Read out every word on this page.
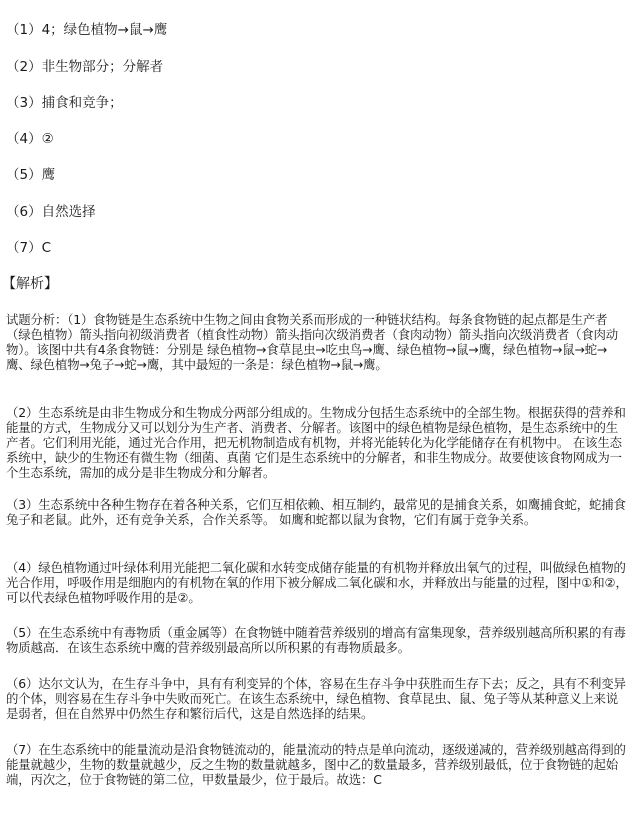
（1）4；绿色植物→鼠→鹰
（2）非生物部分；分解者
（3）捕食和竞争；
（4）②
（5）鹰
（6）自然选择
（7）C
【解析】
试题分析：（1）食物链是生态系统中生物之间由食物关系而形成的一种链状结构。每条食物链的起点都是生产者（绿色植物）箭头指向初级消费者（植食性动物）箭头指向次级消费者（食肉动物）箭头指向次级消费者（食肉动物）。该图中共有4条食物链：分别是 绿色植物→食草昆虫→吃虫鸟→鹰、绿色植物→鼠→鹰，绿色植物→鼠→蛇→鹰、绿色植物→兔子→蛇→鹰，其中最短的一条是：绿色植物→鼠→鹰。
（2）生态系统是由非生物成分和生物成分两部分组成的。生物成分包括生态系统中的全部生物。根据获得的营养和能量的方式，生物成分又可以划分为生产者、消费者、分解者。该图中的绿色植物是绿色植物，是生态系统中的生产者。它们利用光能，通过光合作用，把无机物制造成有机物，并将光能转化为化学能储存在有机物中。 在该生态系统中，缺少的生物还有微生物（细菌、真菌 它们是生态系统中的分解者，和非生物成分。故要使该食物网成为一个生态系统，需加的成分是非生物成分和分解者。
（3）生态系统中各种生物存在着各种关系，它们互相依赖、相互制约，最常见的是捕食关系，如鹰捕食蛇，蛇捕食兔子和老鼠。此外，还有竞争关系，合作关系等。 如鹰和蛇都以鼠为食物，它们有属于竞争关系。
（4）绿色植物通过叶绿体利用光能把二氧化碳和水转变成储存能量的有机物并释放出氧气的过程，叫做绿色植物的光合作用，呼吸作用是细胞内的有机物在氧的作用下被分解成二氧化碳和水，并释放出与能量的过程，图中①和②，可以代表绿色植物呼吸作用的是②。
（5）在生态系统中有毒物质（重金属等）在食物链中随着营养级别的增高有富集现象，营养级别越高所积累的有毒物质越高．在该生态系统中鹰的营养级别最高所以所积累的有毒物质最多。
（6）达尔文认为，在生存斗争中，具有有利变异的个体，容易在生存斗争中获胜而生存下去；反之，具有不利变异的个体，则容易在生存斗争中失败而死亡。在该生态系统中，绿色植物、食草昆虫、鼠、兔子等从某种意义上来说是弱者，但在自然界中仍然生存和繁衍后代，这是自然选择的结果。
（7）在生态系统中的能量流动是沿食物链流动的，能量流动的特点是单向流动，逐级递减的，营养级别越高得到的能量就越少，生物的数量就越少，反之生物的数量就越多，图中乙的数量最多，营养级别最低，位于食物链的起始端，丙次之，位于食物链的第二位，甲数量最少，位于最后。故选：C
